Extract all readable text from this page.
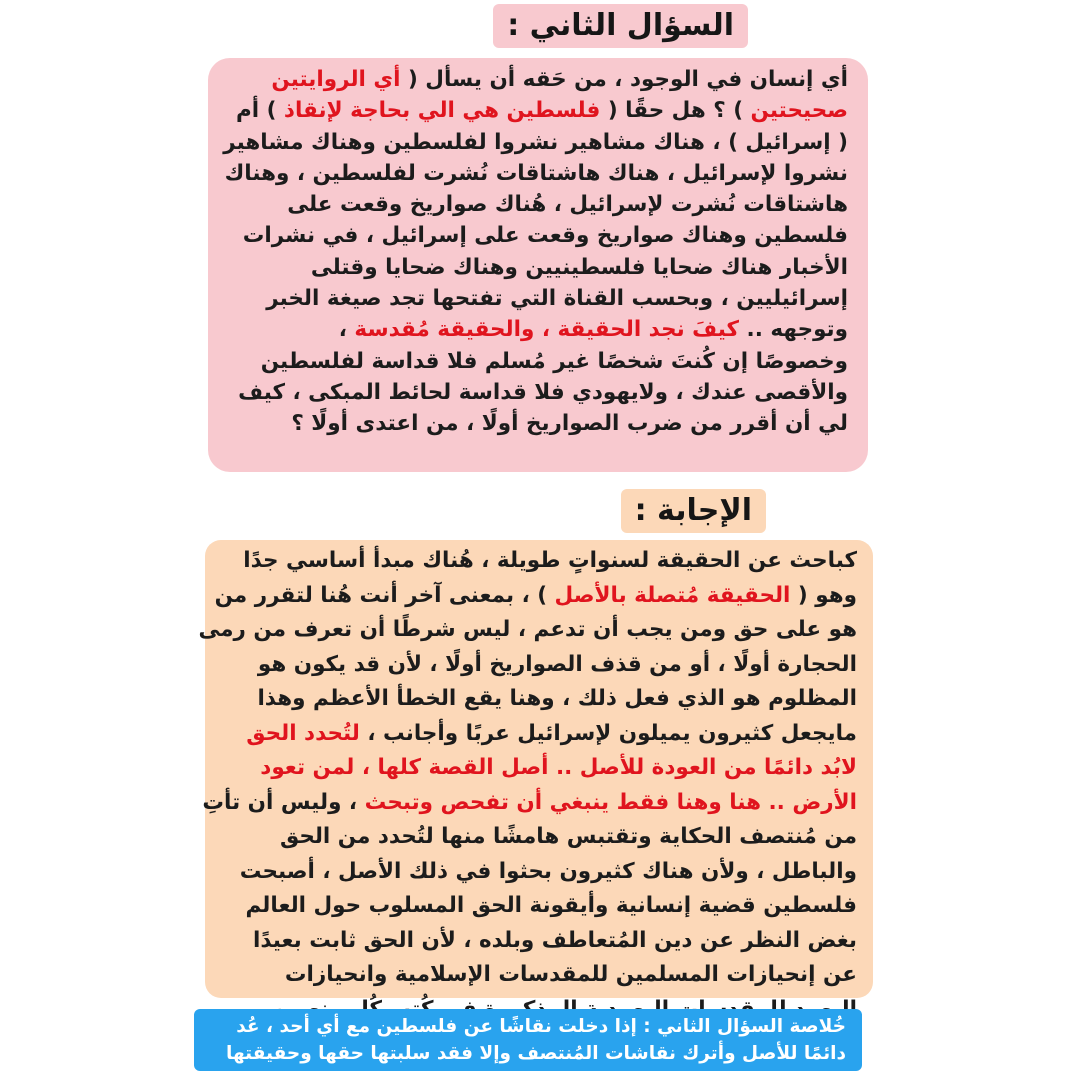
السؤال الثاني :
أي إنسان في الوجود ، من حَقه أن يسأل ( أي الروايتين
صحيحتين ) ؟ هل حقًا ( فلسطين هي الي بحاجة لإنقاذ ) أم
( إسرائيل ) ، هناك مشاهير نشروا لفلسطين وهناك مشاهير
نشروا لإسرائيل ، هناك هاشتاقات نُشرت لفلسطين ، وهناك
هاشتاقات نُشرت لإسرائيل ، هُناك صواريخ وقعت على
فلسطين وهناك صواريخ وقعت على إسرائيل ، في نشرات
الأخبار هناك ضحايا فلسطينيين وهناك ضحايا وقتلى
إسرائيليين ، وبحسب القناة التي تفتحها تجد صيغة الخبر
وتوجهه .. كيفَ نجد الحقيقة ، والحقيقة مُقدسة ،
وخصوصًا إن كُنتَ شخصًا غير مُسلم فلا قداسة لفلسطين
والأقصى عندك ، ولايهودي فلا قداسة لحائط المبكى ، كيف
لي أن أقرر من ضرب الصواريخ أولًا ، من اعتدى أولًا ؟
الإجابة :
كباحث عن الحقيقة لسنواتٍ طويلة ، هُناك مبدأ أساسي جدًا
وهو ( الحقيقة مُتصلة بالأصل ) ، بمعنى آخر أنت هُنا لتقرر من
هو على حق ومن يجب أن تدعم ، ليس شرطًا أن تعرف من رمى
الحجارة أولًا ، أو من قذف الصواريخ أولًا ، لأن قد يكون هو
المظلوم هو الذي فعل ذلك ، وهنا يقع الخطأ الأعظم وهذا
مايجعل كثيرون يميلون لإسرائيل عربًا وأجانب ، لتُحدد الحق
لابُد دائمًا من العودة للأصل .. أصل القصة كلها ، لمن تعود
الأرض .. هنا وهنا فقط ينبغي أن تفحص وتبحث ، وليس أن تأتِ
من مُنتصف الحكاية وتقتبس هامشًا منها لتُحدد من الحق
والباطل ، ولأن هناك كثيرون بحثوا في ذلك الأصل ، أصبحت
فلسطين قضية إنسانية وأيقونة الحق المسلوب حول العالم
بغض النظر عن دين المُتعاطف وبلده ، لأن الحق ثابت بعيدًا
عن إنحيازات المسلمين للمقدسات الإسلامية وانحيازات
خُلاصة السؤال الثاني : إذا دخلت نقاشًا عن فلسطين مع أي أحد ، عُد
دائمًا للأصل وأترك نقاشات المُنتصف وإلا فقد سلبتها حقها وحقيقتها
